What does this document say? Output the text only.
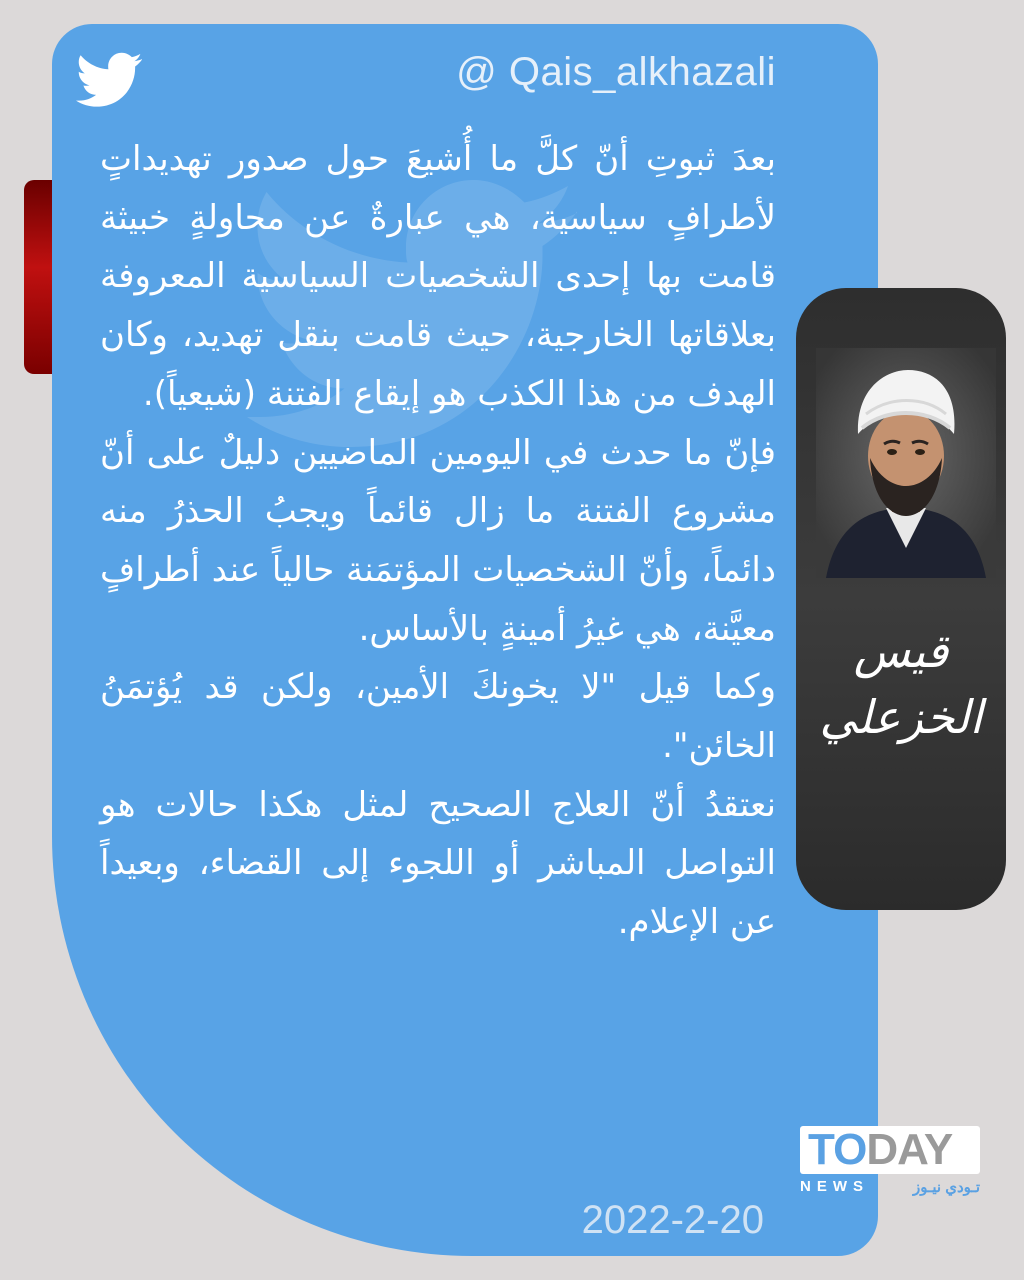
@ Qais_alkhazali

بعدَ ثبوتِ أنّ كلَّ ما أُشيعَ حول صدور تهديداتٍ لأطرافٍ سياسية، هي عبارةٌ عن محاولةٍ خبيثة قامت بها إحدى الشخصيات السياسية المعروفة بعلاقاتها الخارجية، حيث قامت بنقل تهديد، وكان الهدف من هذا الكذب هو إيقاع الفتنة (شيعياً).

فإنّ ما حدث في اليومين الماضيين دليلٌ على أنّ مشروع الفتنة ما زال قائماً ويجبُ الحذرُ منه دائماً، وأنّ الشخصيات المؤتمَنة حالياً عند أطرافٍ معيَّنة، هي غيرُ أمينةٍ بالأساس.

وكما قيل "لا يخونكَ الأمين، ولكن قد يُؤتمَنُ الخائن".

نعتقدُ أنّ العلاج الصحيح لمثل هكذا حالات هو التواصل المباشر أو اللجوء إلى القضاء، وبعيداً عن الإعلام.

2022-2-20
قيس الخزعلي
TODAY
NEWS	تـودي نيـوز
